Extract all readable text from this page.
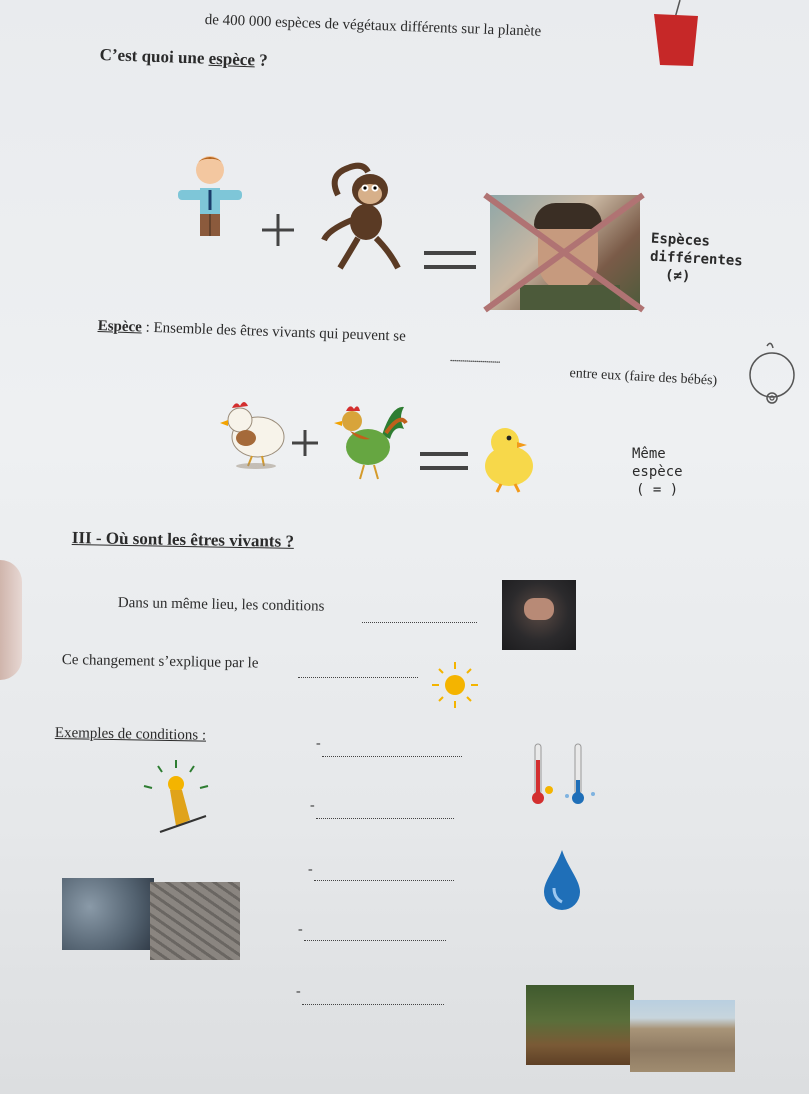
de 400 000 espèces de végétaux différents sur la planète
C’est quoi une espèce ?
Espèces
différentes
(≠)
Espèce : Ensemble des êtres vivants qui peuvent se
.........................
entre eux (faire des bébés)
Même
espèce
( = )
III - Où sont les êtres vivants ?
Dans un même lieu, les conditions
Ce changement s’explique par le
Exemples de conditions :	-
-
-
-
-
